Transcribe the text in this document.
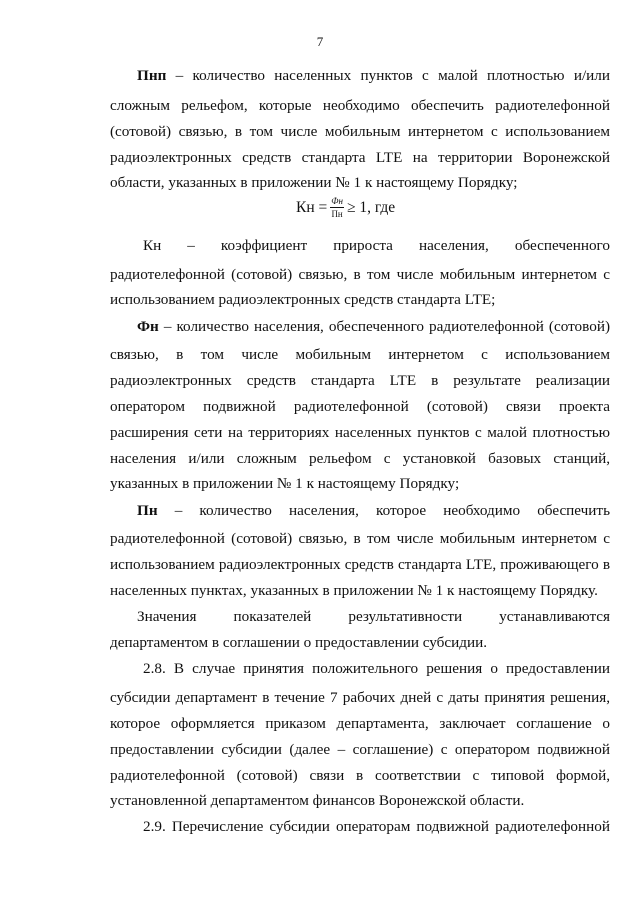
7
Пнп – количество населенных пунктов с малой плотностью и/или
сложным рельефом, которые необходимо обеспечить радиотелефонной
(сотовой) связью, в том числе мобильным интернетом с использованием
радиоэлектронных средств стандарта LTE на территории Воронежской
области, указанных в приложении № 1 к настоящему Порядку;
Кн = $\frac{Фн}{Пн} \ge 1$, где
Кн – коэффициент прироста населения, обеспеченного
радиотелефонной (сотовой) связью, в том числе мобильным интернетом с
использованием радиоэлектронных средств стандарта LTE;
Фн – количество населения, обеспеченного радиотелефонной (сотовой)
связью, в том числе мобильным интернетом с использованием
радиоэлектронных средств стандарта LTE в результате реализации
оператором подвижной радиотелефонной (сотовой) связи проекта
расширения сети на территориях населенных пунктов с малой плотностью
населения и/или сложным рельефом с установкой базовых станций,
указанных в приложении № 1 к настоящему Порядку;
Пн – количество населения, которое необходимо обеспечить
радиотелефонной (сотовой) связью, в том числе мобильным интернетом с
использованием радиоэлектронных средств стандарта LTE, проживающего в
населенных пунктах, указанных в приложении № 1 к настоящему Порядку.
Значения показателей результативности устанавливаются
департаментом в соглашении о предоставлении субсидии.
2.8. В случае принятия положительного решения о предоставлении
субсидии департамент в течение 7 рабочих дней с даты принятия решения,
которое оформляется приказом департамента, заключает соглашение о
предоставлении субсидии (далее – соглашение) с оператором подвижной
радиотелефонной (сотовой) связи в соответствии с типовой формой,
установленной департаментом финансов Воронежской области.
2.9. Перечисление субсидии операторам подвижной радиотелефонной
